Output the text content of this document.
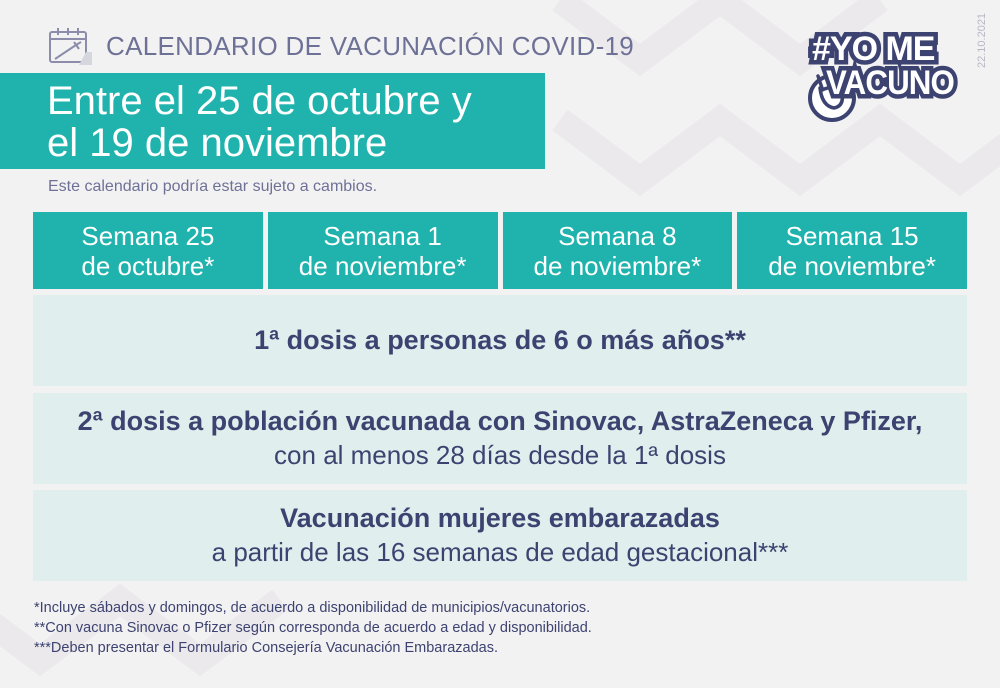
CALENDARIO DE VACUNACIÓN COVID-19	22.10.2021
#YO ME
VACUNO
Entre el 25 de octubre y
el 19 de noviembre
Este calendario podría estar sujeto a cambios.
Semana 25
de octubre*
Semana 1
de noviembre*
Semana 8
de noviembre*
Semana 15
de noviembre*
1ª dosis a personas de 6 o más años**
2ª dosis a población vacunada con Sinovac, AstraZeneca y Pfizer,
con al menos 28 días desde la 1ª dosis
Vacunación mujeres embarazadas
a partir de las 16 semanas de edad gestacional***
*Incluye sábados y domingos, de acuerdo a disponibilidad de municipios/vacunatorios.
**Con vacuna Sinovac o Pfizer según corresponda de acuerdo a edad y disponibilidad.
***Deben presentar el Formulario Consejería Vacunación Embarazadas.
